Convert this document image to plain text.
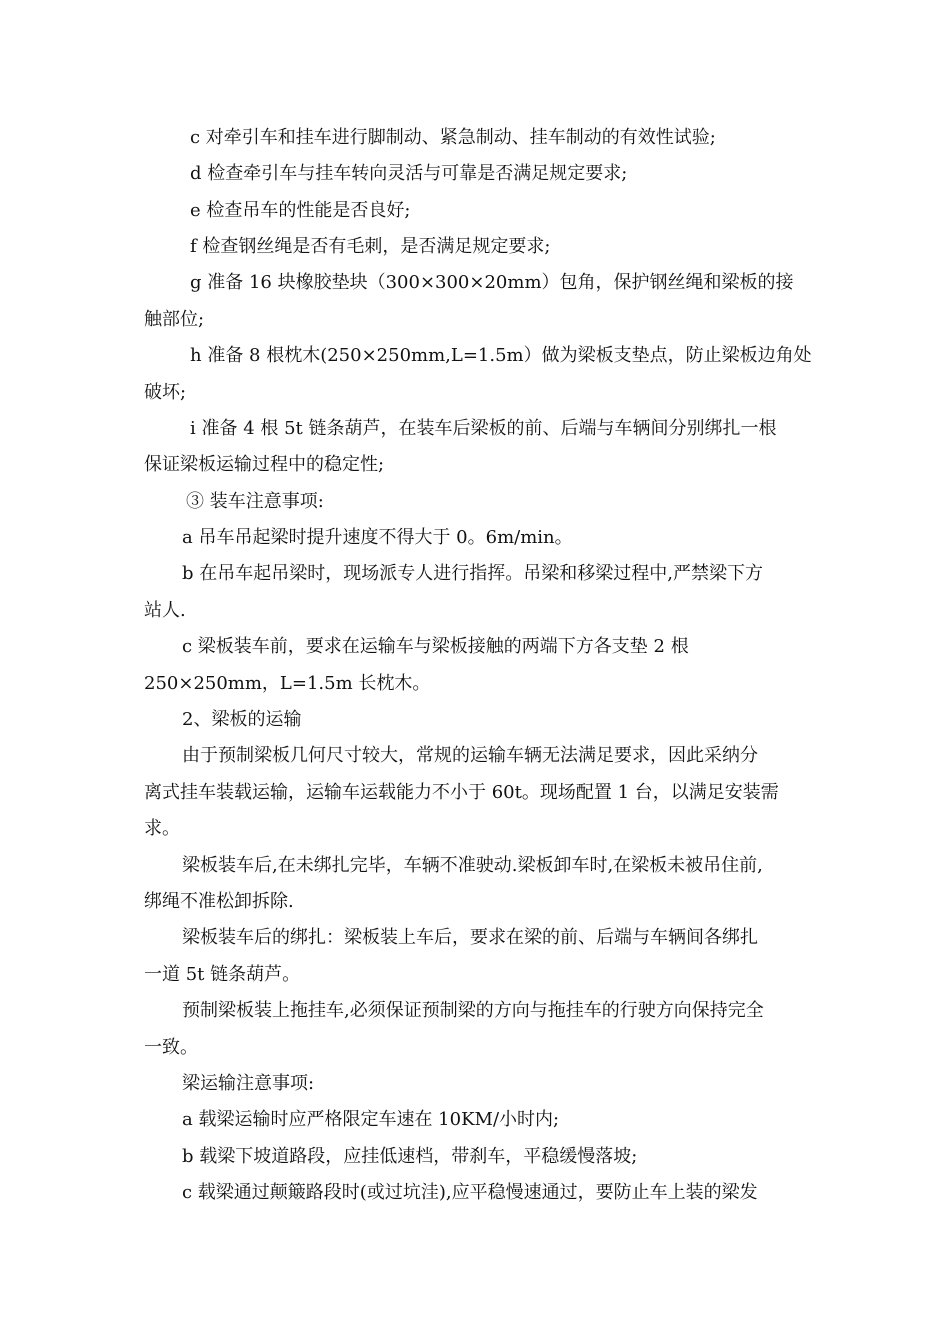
c 对牵引车和挂车进行脚制动、紧急制动、挂车制动的有效性试验;
d 检查牵引车与挂车转向灵活与可靠是否满足规定要求;
e 检查吊车的性能是否良好;
f 检查钢丝绳是否有毛刺，是否满足规定要求;
g 准备 16 块橡胶垫块（300×300×20mm）包角，保护钢丝绳和梁板的接
触部位;
h 准备 8 根枕木(250×250mm,L=1.5m）做为梁板支垫点，防止梁板边角处
破坏;
i 准备 4 根 5t 链条葫芦，在装车后梁板的前、后端与车辆间分别绑扎一根
保证梁板运输过程中的稳定性;
③ 装车注意事项:
a 吊车吊起梁时提升速度不得大于 0。6m/min。
b 在吊车起吊梁时，现场派专人进行指挥。吊梁和移梁过程中,严禁梁下方
站人.
c 梁板装车前，要求在运输车与梁板接触的两端下方各支垫 2 根
250×250mm，L=1.5m 长枕木。
2、梁板的运输
由于预制梁板几何尺寸较大，常规的运输车辆无法满足要求，因此采纳分
离式挂车装载运输，运输车运载能力不小于 60t。现场配置 1 台，以满足安装需
求。
梁板装车后,在未绑扎完毕，车辆不准驶动.梁板卸车时,在梁板未被吊住前,
绑绳不准松卸拆除.
梁板装车后的绑扎：梁板装上车后，要求在梁的前、后端与车辆间各绑扎
一道 5t 链条葫芦。
预制梁板装上拖挂车,必须保证预制梁的方向与拖挂车的行驶方向保持完全
一致。
梁运输注意事项:
a 载梁运输时应严格限定车速在 10KM/小时内;
b 载梁下坡道路段，应挂低速档，带刹车，平稳缓慢落坡;
c 载梁通过颠簸路段时(或过坑洼),应平稳慢速通过，要防止车上装的梁发
